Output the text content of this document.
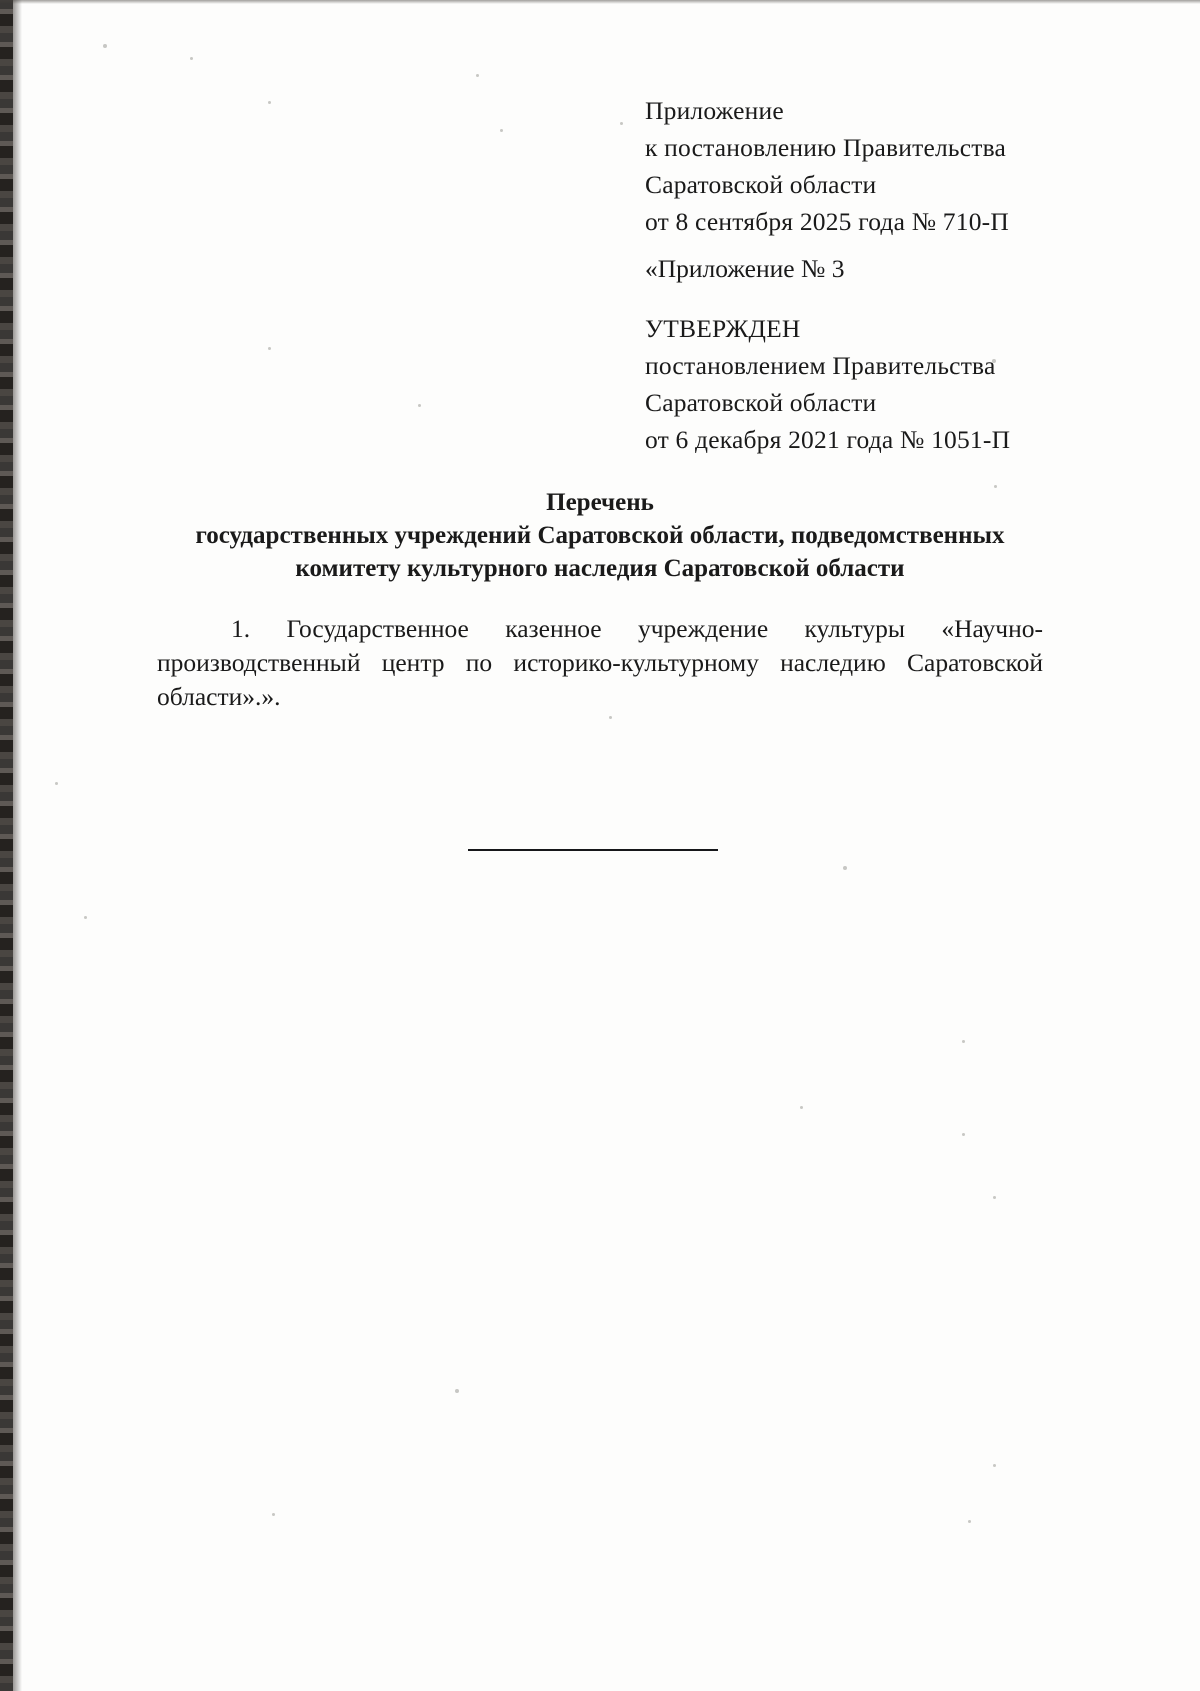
Приложение
к постановлению Правительства
Саратовской области
от 8 сентября 2025 года № 710-П
«Приложение № 3
УТВЕРЖДЕН
постановлением Правительства
Саратовской области
от 6 декабря 2021 года № 1051-П
Перечень
государственных учреждений Саратовской области, подведомственных
комитету культурного наследия Саратовской области
1. Государственное казенное учреждение культуры «Научно-производственный центр по историко-культурному наследию Саратовской области».».
